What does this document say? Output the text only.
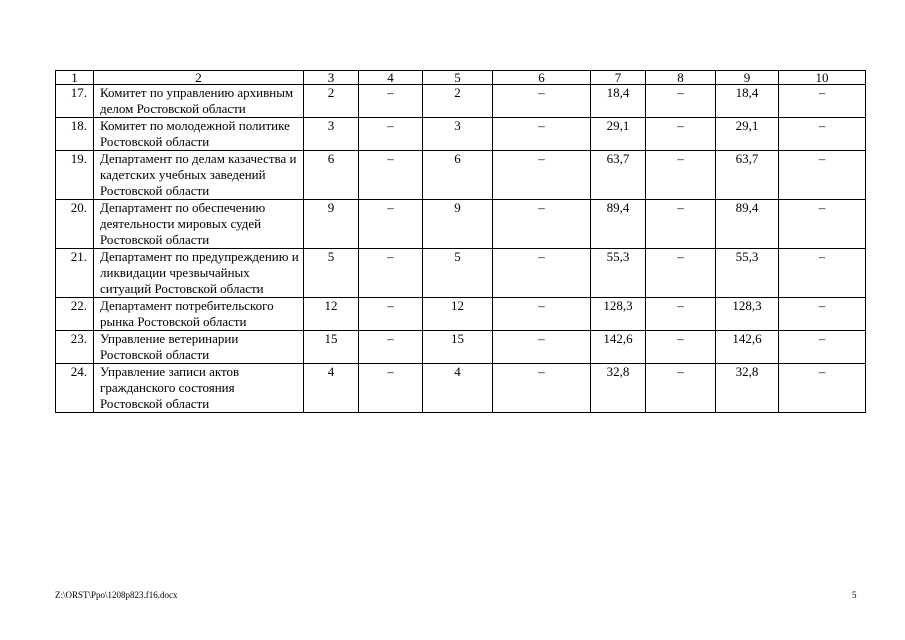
1	2	3	4	5	6	7	8	9	10
17.	Комитет по управлению архивным делом Ростовской области	2	–	2	–	18,4	–	18,4	–
18.	Комитет по молодежной политике Ростовской области	3	–	3	–	29,1	–	29,1	–
19.	Департамент по делам казачества и кадетских учебных заведений Ростовской области	6	–	6	–	63,7	–	63,7	–
20.	Департамент по обеспечению деятельности мировых судей Ростовской области	9	–	9	–	89,4	–	89,4	–
21.	Департамент по предупреждению и ликвидации чрезвычайных ситуаций Ростовской области	5	–	5	–	55,3	–	55,3	–
22.	Департамент потребительского рынка Ростовской области	12	–	12	–	128,3	–	128,3	–
23.	Управление ветеринарии Ростовской области	15	–	15	–	142,6	–	142,6	–
24.	Управление записи актов гражданского состояния Ростовской области	4	–	4	–	32,8	–	32,8	–
Z:\ORST\Ppo\1208p823.f16.docx	5
